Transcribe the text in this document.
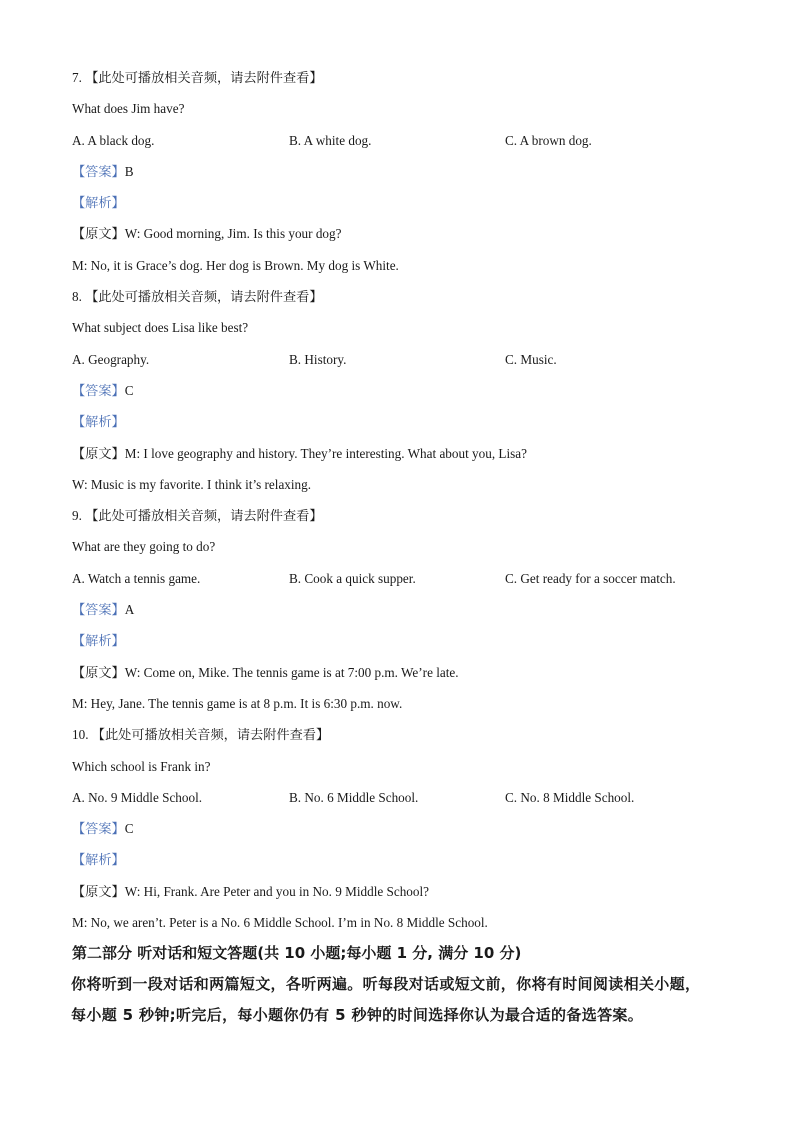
7. 【此处可播放相关音频，请去附件查看】
What does Jim have?
A. A black dog.	B. A white dog.	C. A brown dog.
【答案】B
【解析】
【原文】W: Good morning, Jim. Is this your dog?
M: No, it is Grace’s dog. Her dog is Brown. My dog is White.
8. 【此处可播放相关音频，请去附件查看】
What subject does Lisa like best?
A. Geography.	B. History.	C. Music.
【答案】C
【解析】
【原文】M: I love geography and history. They’re interesting. What about you, Lisa?
W: Music is my favorite. I think it’s relaxing.
9. 【此处可播放相关音频，请去附件查看】
What are they going to do?
A. Watch a tennis game.	B. Cook a quick supper.	C. Get ready for a soccer match.
【答案】A
【解析】
【原文】W: Come on, Mike. The tennis game is at 7:00 p.m. We’re late.
M: Hey, Jane. The tennis game is at 8 p.m. It is 6:30 p.m. now.
10. 【此处可播放相关音频，请去附件查看】
Which school is Frank in?
A. No. 9 Middle School.	B. No. 6 Middle School.	C. No. 8 Middle School.
【答案】C
【解析】
【原文】W: Hi, Frank. Are Peter and you in No. 9 Middle School?
M: No, we aren’t. Peter is a No. 6 Middle School. I’m in No. 8 Middle School.
第二部分 听对话和短文答题(共 10 小题;每小题 1 分, 满分 10 分)
你将听到一段对话和两篇短文，各听两遍。听每段对话或短文前，你将有时间阅读相关小题，
每小题 5 秒钟;听完后，每小题你仍有 5 秒钟的时间选择你认为最合适的备选答案。
